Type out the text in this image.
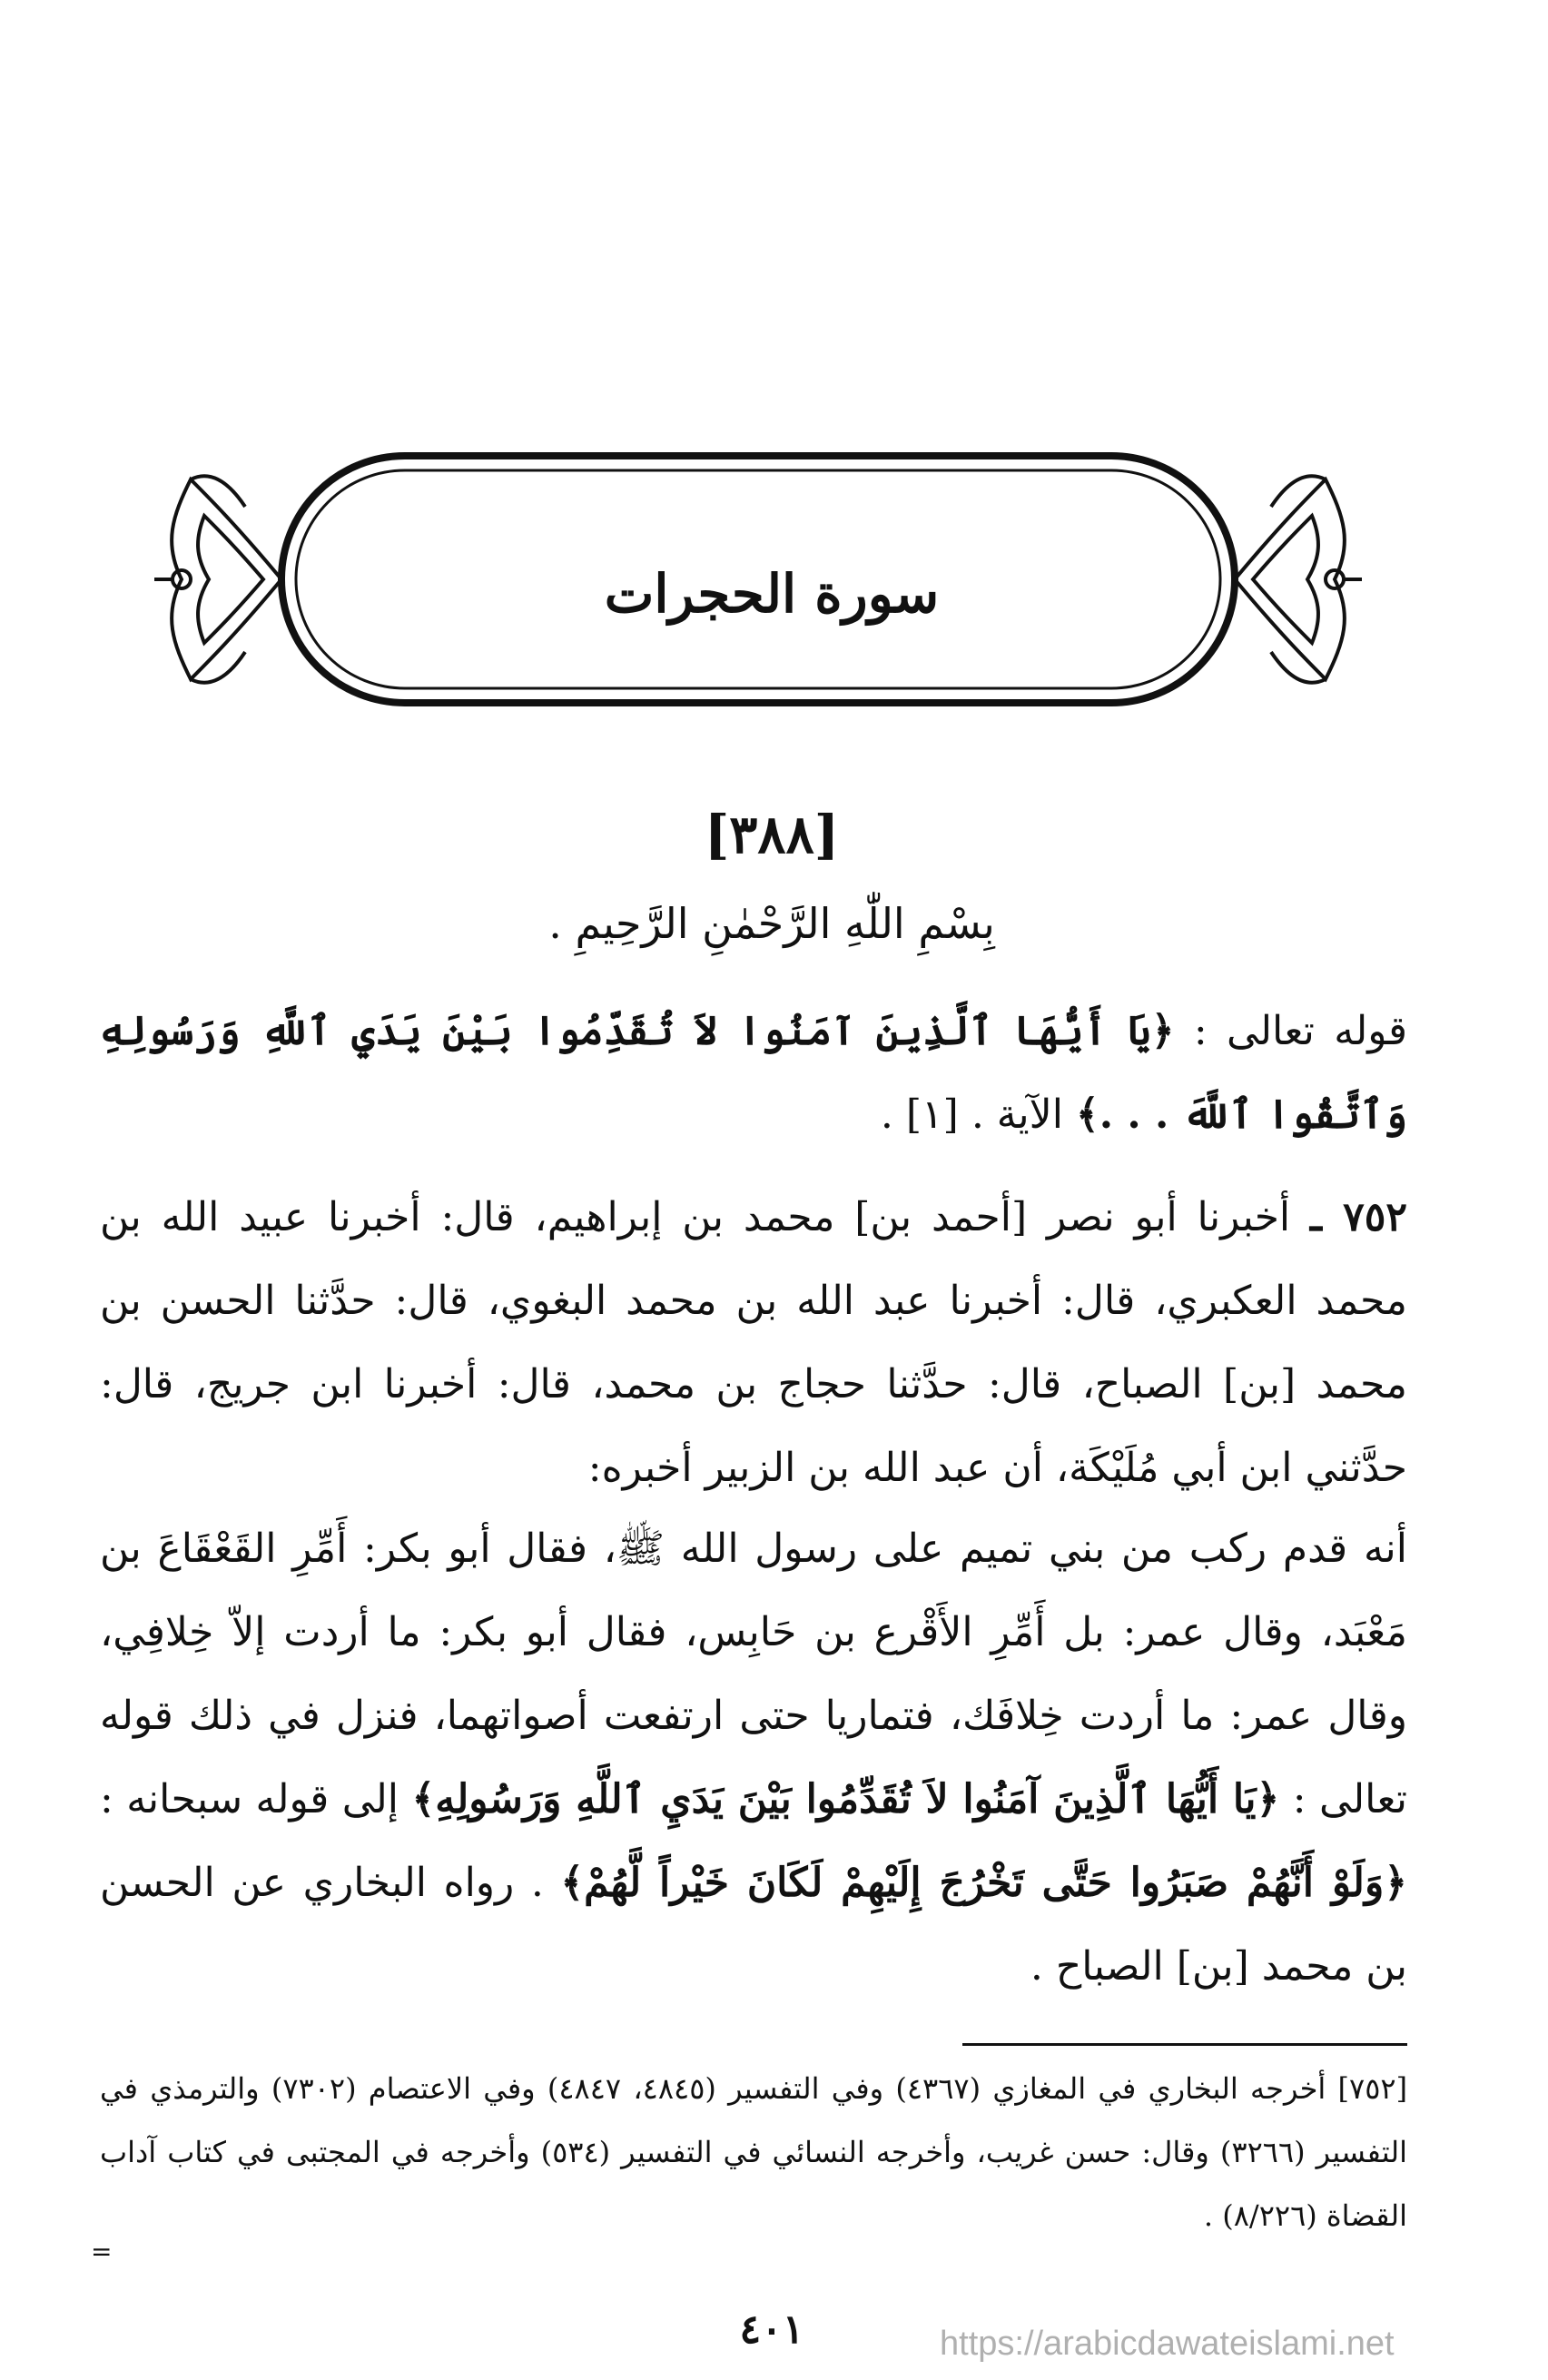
سورة الحجرات
[٣٨٨]
بِسْمِ اللّٰهِ الرَّحْمٰنِ الرَّحِيمِ .
قوله تعالى : ﴿يَا أَيُّهَا ٱلَّذِينَ آمَنُوا لاَ تُقَدِّمُوا بَيْنَ يَدَيِ ٱللَّهِ وَرَسُولِهِ وَٱتَّقُوا ٱللَّهَ . . .﴾ الآية . [١] .
٧٥٢ ـ أخبرنا أبو نصر [أحمد بن] محمد بن إبراهيم، قال: أخبرنا عبيد الله بن محمد العكبري، قال: أخبرنا عبد الله بن محمد البغوي، قال: حدَّثنا الحسن بن محمد [بن] الصباح، قال: حدَّثنا حجاج بن محمد، قال: أخبرنا ابن جريج، قال: حدَّثني ابن أبي مُلَيْكَة، أن عبد الله بن الزبير أخبره:
أنه قدم ركب من بني تميم على رسول الله ﷺ، فقال أبو بكر: أَمِّرِ القَعْقَاعَ بن مَعْبَد، وقال عمر: بل أَمِّرِ الأَقْرع بن حَابِس، فقال أبو بكر: ما أردت إلاّ خِلافِي، وقال عمر: ما أردت خِلافَك، فتماريا حتى ارتفعت أصواتهما، فنزل في ذلك قوله تعالى : ﴿يَا أَيُّهَا ٱلَّذِينَ آمَنُوا لاَ تُقَدِّمُوا بَيْنَ يَدَيِ ٱللَّهِ وَرَسُولِهِ﴾ إلى قوله سبحانه : ﴿وَلَوْ أَنَّهُمْ صَبَرُوا حَتَّى تَخْرُجَ إِلَيْهِمْ لَكَانَ خَيْراً لَّهُمْ﴾ . رواه البخاري عن الحسن بن محمد [بن] الصباح .
[٧٥٢] أخرجه البخاري في المغازي (٤٣٦٧) وفي التفسير (٤٨٤٥، ٤٨٤٧) وفي الاعتصام (٧٣٠٢) والترمذي في التفسير (٣٢٦٦) وقال: حسن غريب، وأخرجه النسائي في التفسير (٥٣٤) وأخرجه في المجتبى في كتاب آداب القضاة (٨/٢٢٦) .
=
٤٠١	https://arabicdawateislami.net
